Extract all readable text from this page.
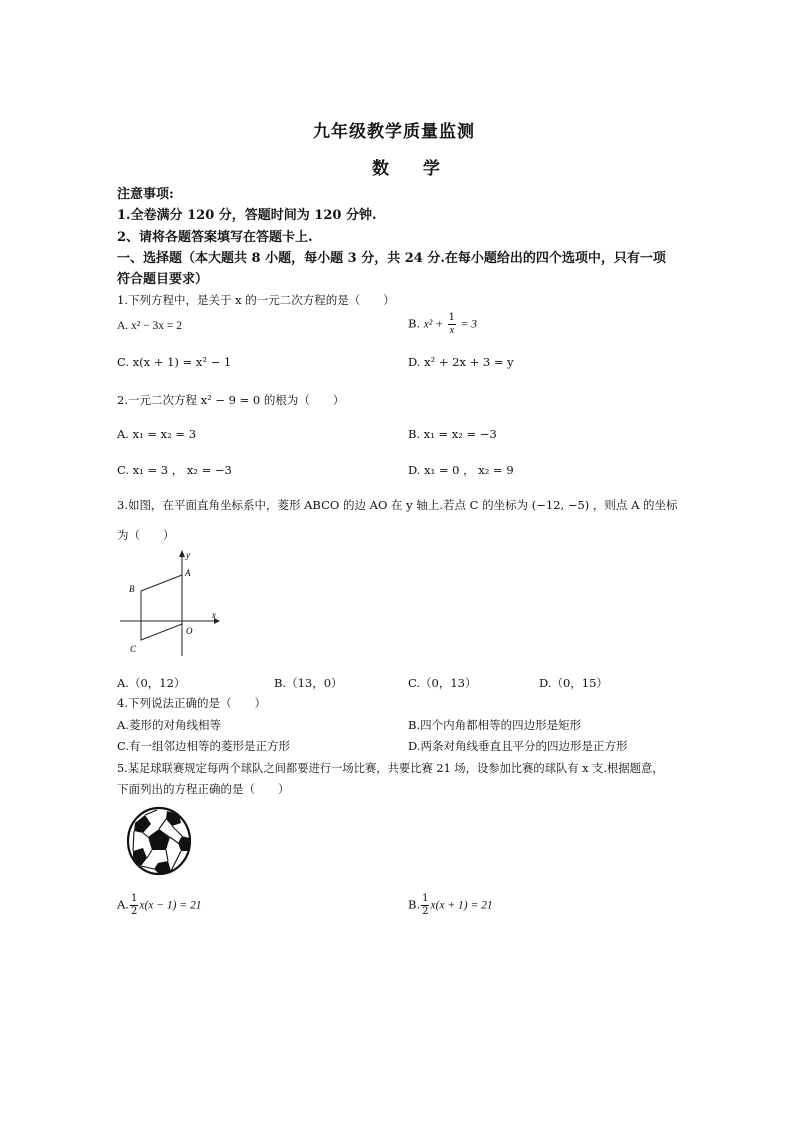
九年级教学质量监测
数 学
注意事项:
1.全卷满分 120 分，答题时间为 120 分钟.
2、请将各题答案填写在答题卡上.
一、选择题（本大题共 8 小题，每小题 3 分，共 24 分.在每小题给出的四个选项中，只有一项
符合题目要求）
1.下列方程中，是关于 x 的一元二次方程的是（　　）
A. x² − 3x = 2	B. $x^2 + \frac{1}{x} = 3$
C. x(x + 1) = x² − 1	D. x² + 2x + 3 = y
2.一元二次方程 x² − 9 = 0 的根为（　　）
A. x₁ = x₂ = 3	B. x₁ = x₂ = −3
C. x₁ = 3 ， x₂ = −3	D. x₁ = 0 ， x₂ = 9
3.如图，在平面直角坐标系中，菱形 ABCO 的边 AO 在 y 轴上.若点 C 的坐标为 (−12, −5) ，则点 A 的坐标
为（　　）
y
x
A
B
C
O
A.（0，12）	B.（13，0）	C.（0，13）	D.（0，15）
4.下列说法正确的是（　　）
A.菱形的对角线相等	B.四个内角都相等的四边形是矩形
C.有一组邻边相等的菱形是正方形	D.两条对角线垂直且平分的四边形是正方形
5.某足球联赛规定每两个球队之间都要进行一场比赛，共要比赛 21 场，设参加比赛的球队有 x 支.根据题意，
下面列出的方程正确的是（　　）
A. $\frac{1}{2} x(x - 1) = 21$	B. $\frac{1}{2} x(x + 1) = 21$
